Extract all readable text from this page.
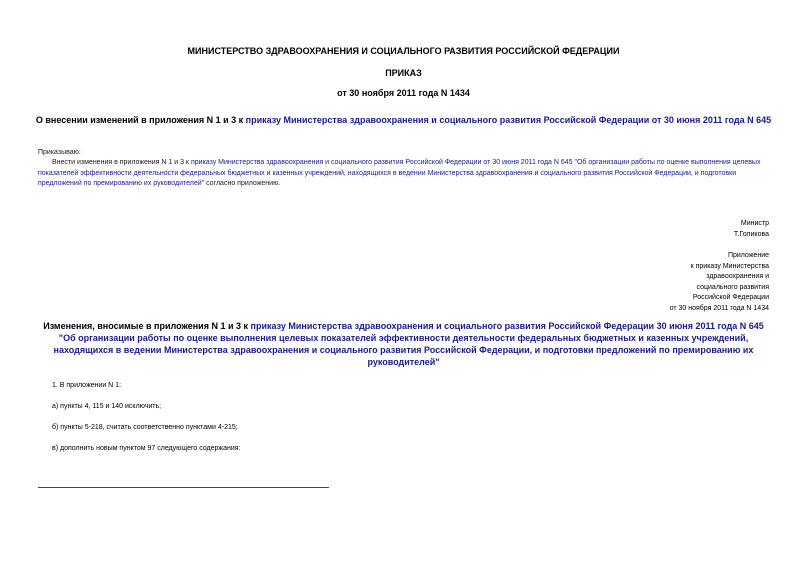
МИНИСТЕРСТВО ЗДРАВООХРАНЕНИЯ И СОЦИАЛЬНОГО РАЗВИТИЯ РОССИЙСКОЙ ФЕДЕРАЦИИ
ПРИКАЗ
от 30 ноября 2011 года N 1434
О внесении изменений в приложения N 1 и 3 к приказу Министерства здравоохранения и социального развития Российской Федерации от 30 июня 2011 года N 645
Приказываю:
Внести изменения в приложения N 1 и 3 к приказу Министерства здравоохранения и социального развития Российской Федерации от 30 июня 2011 года N 645 "Об организации работы по оценке выполнения целевых показателей эффективности деятельности федеральных бюджетных и казенных учреждений, находящихся в ведении Министерства здравоохранения и социального развития Российской Федерации, и подготовки предложений по премированию их руководителей" согласно приложению.
Министр
Т.Голикова
Приложение
к приказу Министерства
здравоохранения и
социального развития
Российской Федерации
от 30 ноября 2011 года N 1434
Изменения, вносимые в приложения N 1 и 3 к приказу Министерства здравоохранения и социального развития Российской Федерации 30 июня 2011 года N 645 "Об организации работы по оценке выполнения целевых показателей эффективности деятельности федеральных бюджетных и казенных учреждений, находящихся в ведении Министерства здравоохранения и социального развития Российской Федерации, и подготовки предложений по премированию их руководителей"
1. В приложении N 1:
а) пункты 4, 115 и 140 исключить;
б) пункты 5-218, считать соответственно пунктами 4-215;
в) дополнить новым пунктом 97 следующего содержания:
